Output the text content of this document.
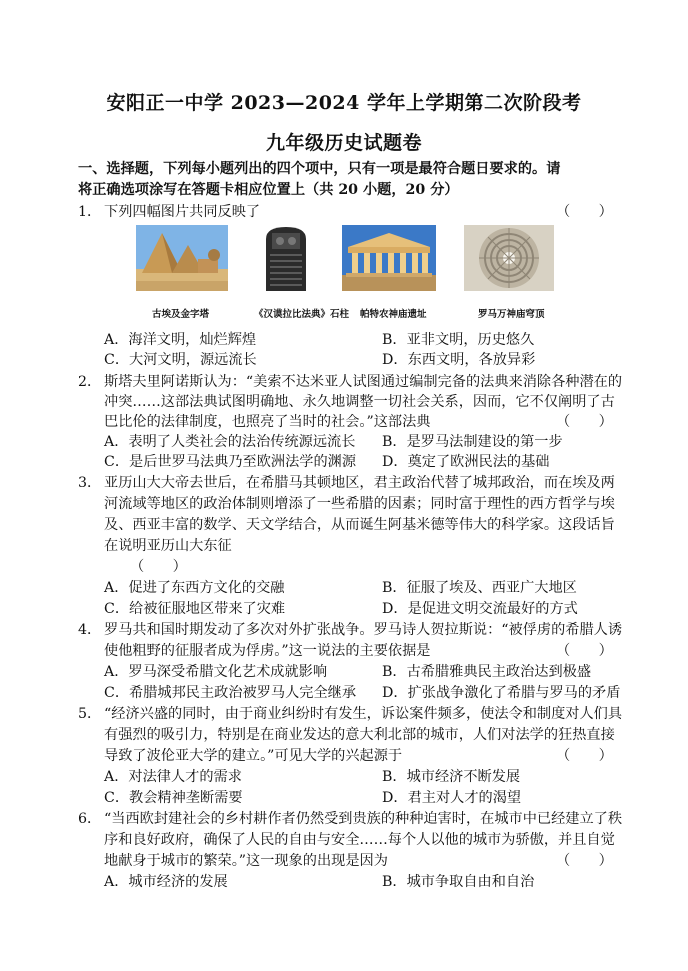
安阳正一中学 2023—2024 学年上学期第二次阶段考
九年级历史试题卷
一、选择题，下列每小题列出的四个项中，只有一项是最符合题日要求的。请
将正确选项涂写在答题卡相应位置上（共 20 小题，20 分）
1． 下列四幅图片共同反映了	（　　）
古埃及金字塔	《汉谟拉比法典》石柱 帕特农神庙遗址	罗马万神庙穹顶
A．海洋文明，灿烂辉煌	B．亚非文明，历史悠久
C．大河文明，源远流长	D．东西文明，各放异彩
2． 斯塔夫里阿诺斯认为：“美索不达米亚人试图通过编制完备的法典来消除各种潜在的
冲突……这部法典试图明确地、永久地调整一切社会关系，因而，它不仅阐明了古
巴比伦的法律制度，也照亮了当时的社会。”这部法典	（　　）
A．表明了人类社会的法治传统源远流长 B．是罗马法制建设的第一步
C．是后世罗马法典乃至欧洲法学的渊源 D．奠定了欧洲民法的基础
3． 亚历山大大帝去世后，在希腊马其顿地区，君主政治代替了城邦政治，而在埃及两
河流域等地区的政治体制则增添了一些希腊的因素；同时富于理性的西方哲学与埃
及、西亚丰富的数学、天文学结合，从而诞生阿基米德等伟大的科学家。这段话旨
在说明亚历山大东征
（　　）
A．促进了东西方文化的交融	B．征服了埃及、西亚广大地区
C．给被征服地区带来了灾难	D．是促进文明交流最好的方式
4． 罗马共和国时期发动了多次对外扩张战争。罗马诗人贺拉斯说：“被俘虏的希腊人诱
使他粗野的征服者成为俘虏。”这一说法的主要依据是	（　　）
A．罗马深受希腊文化艺术成就影响	B．古希腊雅典民主政治达到极盛
C．希腊城邦民主政治被罗马人完全继承 D．扩张战争激化了希腊与罗马的矛盾
5． “经济兴盛的同时，由于商业纠纷时有发生，诉讼案件频多，使法令和制度对人们具
有强烈的吸引力，特别是在商业发达的意大利北部的城市，人们对法学的狂热直接
导致了波伦亚大学的建立。”可见大学的兴起源于	（　　）
A．对法律人才的需求	B．城市经济不断发展
C．教会精神垄断需要	D．君主对人才的渴望
6． “当西欧封建社会的乡村耕作者仍然受到贵族的种种迫害时，在城市中已经建立了秩
序和良好政府，确保了人民的自由与安全……每个人以他的城市为骄傲，并且自觉
地献身于城市的繁荣。”这一现象的出现是因为	（　　）
A．城市经济的发展	B．城市争取自由和自治
